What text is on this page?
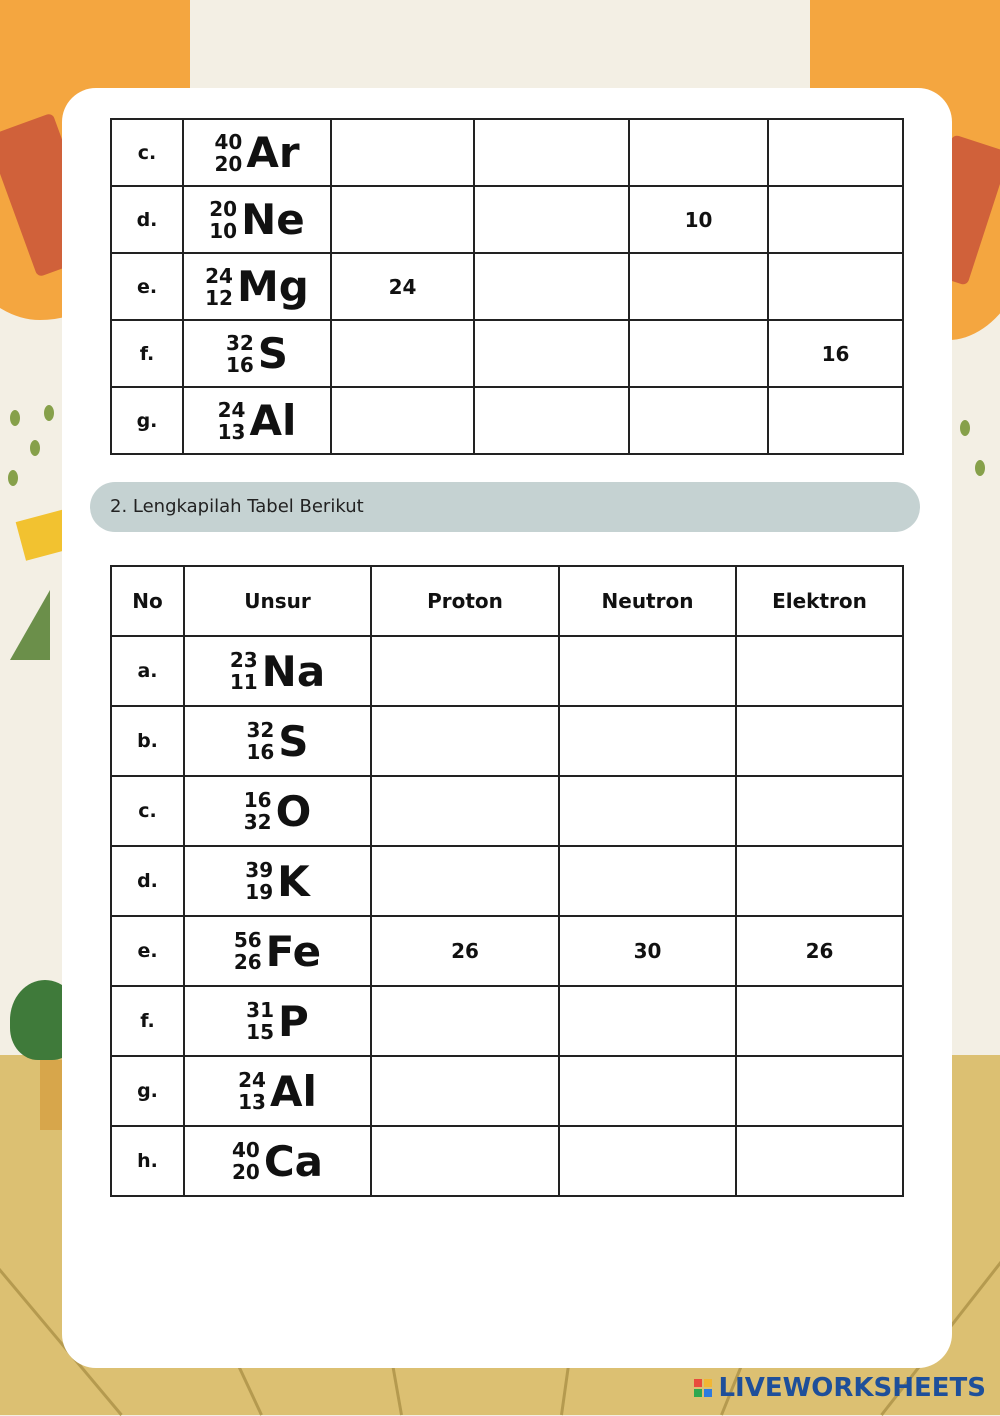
c.	40
20 Ar				

d.	20
10 Ne			10	
e.	24
12 Mg	24			
f.	32
16 S				16
g.	24
13 Al				

2. Lengkapilah Tabel Berikut
No	Unsur	Proton	Neutron	Elektron
a.	23
11 Na			

b.	32
16 S			

c.	16
32 O			

d.	39
19 K			

e.	56
26 Fe	26	30	26
f.	31
15 P			

g.	24
13 Al			

h.	40
20 Ca			

LIVEWORKSHEETS
